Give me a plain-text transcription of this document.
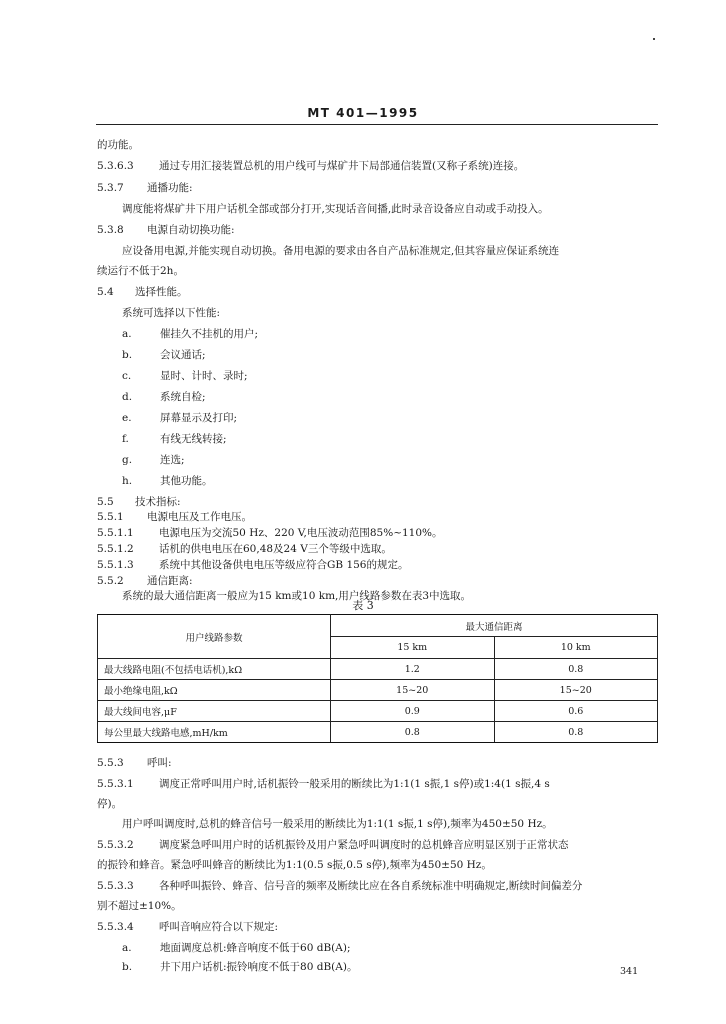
MT 401—1995
341
的功能。
5.3.6.3 通过专用汇接装置总机的用户线可与煤矿井下局部通信装置(又称子系统)连接。
5.3.7 通播功能:
调度能将煤矿井下用户话机全部或部分打开,实现话音间播,此时录音设备应自动或手动投入。
5.3.8 电源自动切换功能:
应设备用电源,并能实现自动切换。备用电源的要求由各自产品标准规定,但其容量应保证系统连
续运行不低于2h。
5.4 选择性能。
系统可选择以下性能:
a.	催挂久不挂机的用户;
b.	会议通话;
c.	显时、计时、录时;
d.	系统自检;
e.	屏幕显示及打印;
f.	有线无线转接;
g.	连选;
h.	其他功能。
5.5 技术指标:
5.5.1 电源电压及工作电压。
5.5.1.1 电源电压为交流50 Hz、220 V,电压波动范围85%~110%。
5.5.1.2 话机的供电电压在60,48及24 V三个等级中选取。
5.5.1.3 系统中其他设备供电电压等级应符合GB 156的规定。
5.5.2 通信距离:
系统的最大通信距离一般应为15 km或10 km,用户线路参数在表3中选取。
表 3
用户线路参数	最大通信距离	
	15 km	10 km
最大线路电阻(不包括电话机),kΩ	1.2	0.8
最小绝缘电阻,kΩ	15~20	15~20
最大线间电容,μF	0.9	0.6
每公里最大线路电感,mH/km	0.8	0.8
5.5.3 呼叫:
5.5.3.1 调度正常呼叫用户时,话机振铃一般采用的断续比为1:1(1 s振,1 s停)或1:4(1 s振,4 s
停)。
用户呼叫调度时,总机的蜂音信号一般采用的断续比为1:1(1 s振,1 s停),频率为450±50 Hz。
5.5.3.2 调度紧急呼叫用户时的话机振铃及用户紧急呼叫调度时的总机蜂音应明显区别于正常状态
的振铃和蜂音。紧急呼叫蜂音的断续比为1:1(0.5 s振,0.5 s停),频率为450±50 Hz。
5.5.3.3 各种呼叫振铃、蜂音、信号音的频率及断续比应在各自系统标准中明确规定,断续时间偏差分
别不超过±10%。
5.5.3.4 呼叫音响应符合以下规定:
a.	地面调度总机:蜂音响度不低于60 dB(A);
b.	井下用户话机:振铃响度不低于80 dB(A)。
